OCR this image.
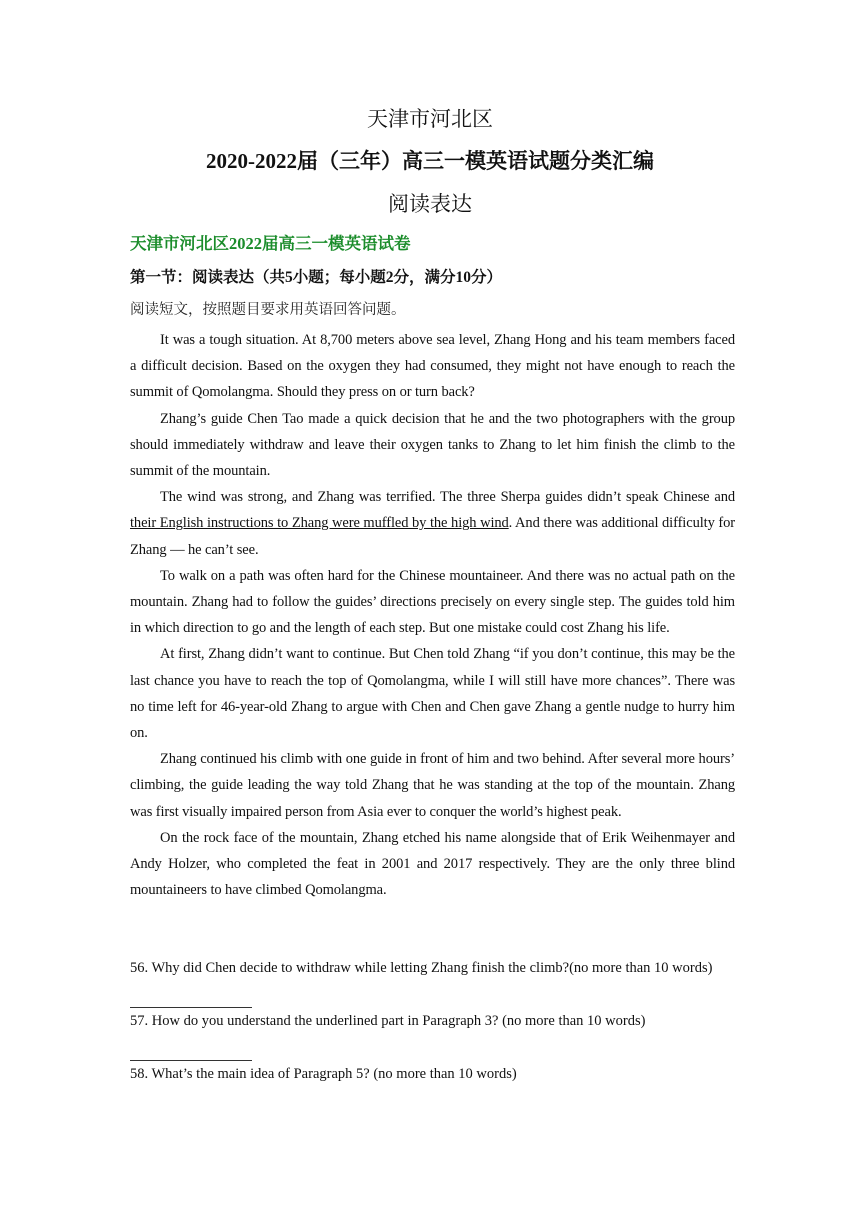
天津市河北区
2020-2022届（三年）高三一模英语试题分类汇编
阅读表达
天津市河北区2022届高三一模英语试卷
第一节：阅读表达（共5小题；每小题2分，满分10分）
阅读短文，按照题目要求用英语回答问题。

It was a tough situation. At 8,700 meters above sea level, Zhang Hong and his team members faced a difficult decision. Based on the oxygen they had consumed, they might not have enough to reach the summit of Qomolangma. Should they press on or turn back?

Zhang’s guide Chen Tao made a quick decision that he and the two photographers with the group should immediately withdraw and leave their oxygen tanks to Zhang to let him finish the climb to the summit of the mountain.

The wind was strong, and Zhang was terrified. The three Sherpa guides didn’t speak Chinese and their English instructions to Zhang were muffled by the high wind. And there was additional difficulty for Zhang — he can’t see.

To walk on a path was often hard for the Chinese mountaineer. And there was no actual path on the mountain. Zhang had to follow the guides’ directions precisely on every single step. The guides told him in which direction to go and the length of each step. But one mistake could cost Zhang his life.

At first, Zhang didn’t want to continue. But Chen told Zhang “if you don’t continue, this may be the last chance you have to reach the top of Qomolangma, while I will still have more chances”. There was no time left for 46-year-old Zhang to argue with Chen and Chen gave Zhang a gentle nudge to hurry him on.

Zhang continued his climb with one guide in front of him and two behind. After several more hours’ climbing, the guide leading the way told Zhang that he was standing at the top of the mountain. Zhang was first visually impaired person from Asia ever to conquer the world’s highest peak.

On the rock face of the mountain, Zhang etched his name alongside that of Erik Weihenmayer and Andy Holzer, who completed the feat in 2001 and 2017 respectively. They are the only three blind mountaineers to have climbed Qomolangma.

56. Why did Chen decide to withdraw while letting Zhang finish the climb?(no more than 10 words)

57. How do you understand the underlined part in Paragraph 3? (no more than 10 words)

58. What’s the main idea of Paragraph 5? (no more than 10 words)
